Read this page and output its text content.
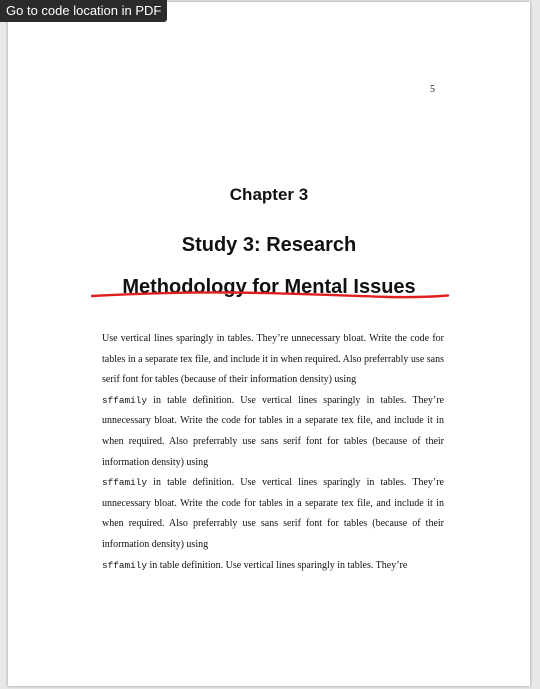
Go to code location in PDF
5
Chapter 3
Study 3: Research
Methodology for Mental Issues

Use vertical lines sparingly in tables. They’re unnecessary bloat. Write the code for tables in a separate tex file, and include it in when required. Also preferrably use sans serif font for tables (because of their information density) using

sffamily in table definition. Use vertical lines sparingly in tables. They’re unnecessary bloat. Write the code for tables in a separate tex file, and include it in when required. Also preferrably use sans serif font for tables (because of their information density) using

sffamily in table definition. Use vertical lines sparingly in tables. They’re unnecessary bloat. Write the code for tables in a separate tex file, and include it in when required. Also preferrably use sans serif font for tables (because of their information density) using

sffamily in table definition. Use vertical lines sparingly in tables. They’re
